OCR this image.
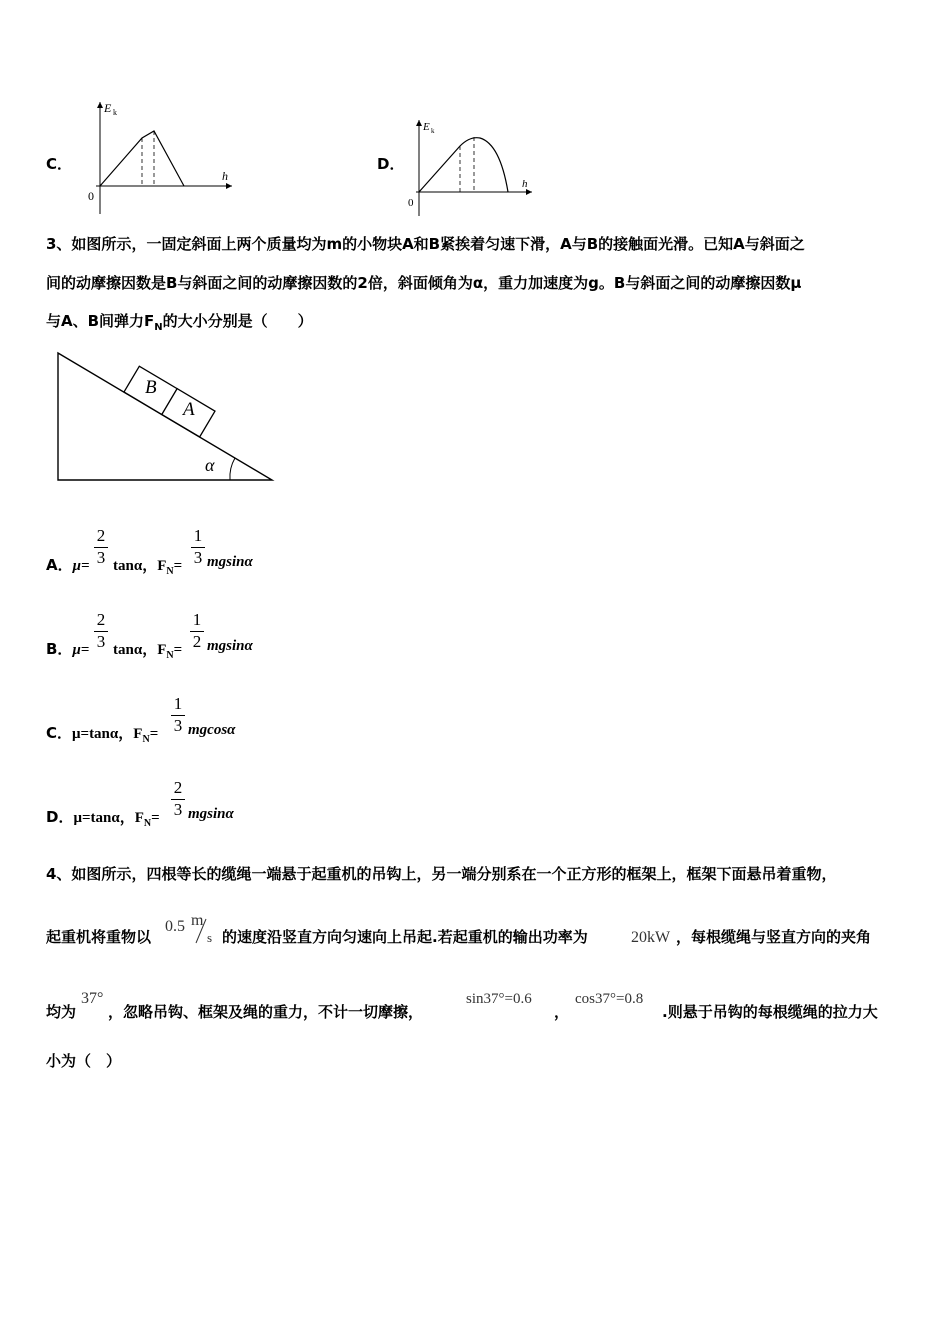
C．
E k
h
0
D．
E k
h
0
3、如图所示，一固定斜面上两个质量均为m的小物块A和B紧挨着匀速下滑，A与B的接触面光滑。已知A与斜面之
间的动摩擦因数是B与斜面之间的动摩擦因数的2倍，斜面倾角为α，重力加速度为g。B与斜面之间的动摩擦因数μ
与A、B间弹力$F_N$的大小分别是（　　）
B
A
α
A．μ=
2
3 tanα，$F_N=$
1
3 mgsinα
B．μ=
2
3 tanα，$F_N=$
1
2 mgsinα
C．μ=tanα，$F_N=$
1
3 mgcosα
D．μ=tanα，$F_N=$
2
3 mgsinα
4、如图所示，四根等长的缆绳一端悬于起重机的吊钩上，另一端分别系在一个正方形的框架上，框架下面悬吊着重物，
起重机将重物以
0.5 m
s 的速度沿竖直方向匀速向上吊起.若起重机的输出功率为	20kW ，每根缆绳与竖直方向的夹角
均为
37°
，忽略吊钩、框架及绳的重力，不计一切摩擦，
sin37°=0.6
，
cos37°=0.8
.则悬于吊钩的每根缆绳的拉力大
小为（　）
